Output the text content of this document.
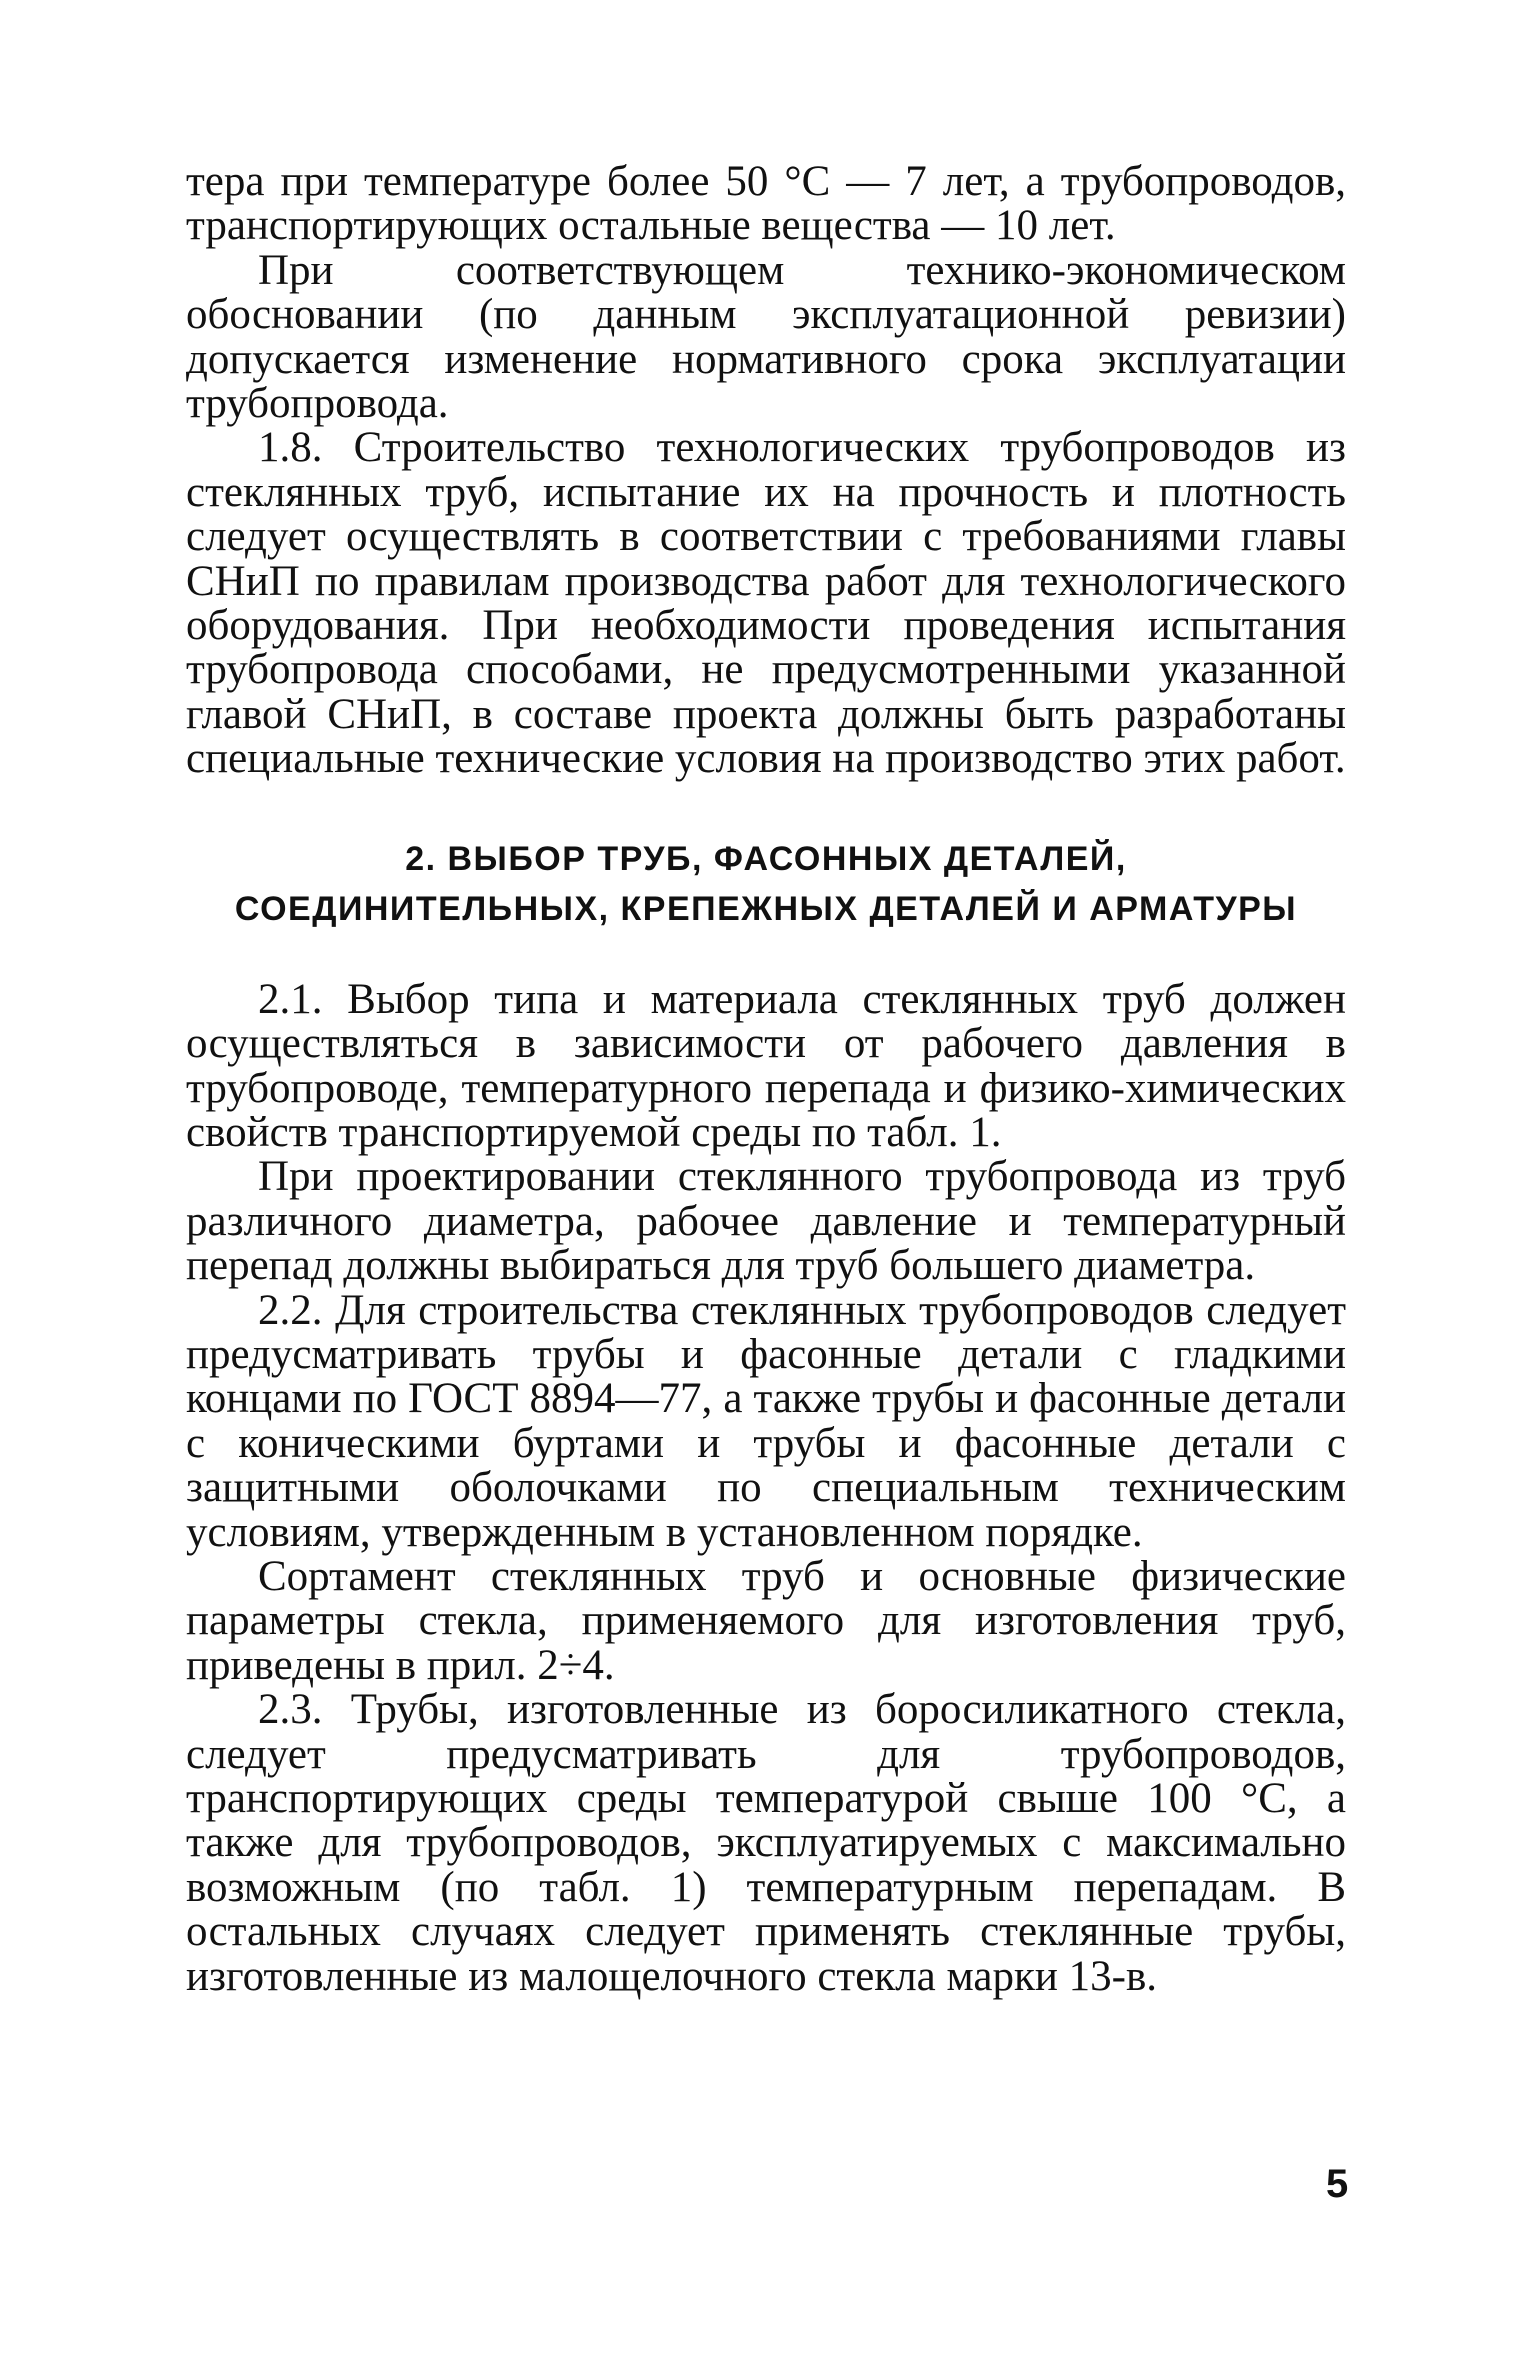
тера при температуре более 50 °С — 7 лет, а трубопроводов, транспортирующих остальные вещества — 10 лет.

При соответствующем технико-экономическом обосновании (по данным эксплуатационной ревизии) допускается изменение нормативного срока эксплуатации трубопровода.

1.8. Строительство технологических трубопроводов из стеклянных труб, испытание их на прочность и плотность следует осуществлять в соответствии с требованиями главы СНиП по правилам производства работ для технологического оборудования. При необходимости проведения испытания трубопровода способами, не предусмотренными указанной главой СНиП, в составе проекта должны быть разработаны специальные технические условия на производство этих работ.

2. ВЫБОР ТРУБ, ФАСОННЫХ ДЕТАЛЕЙ,
СОЕДИНИТЕЛЬНЫХ, КРЕПЕЖНЫХ ДЕТАЛЕЙ И АРМАТУРЫ

2.1. Выбор типа и материала стеклянных труб должен осуществляться в зависимости от рабочего давления в трубопроводе, температурного перепада и физико-химических свойств транспортируемой среды по табл. 1.

При проектировании стеклянного трубопровода из труб различного диаметра, рабочее давление и температурный перепад должны выбираться для труб большего диаметра.

2.2. Для строительства стеклянных трубопроводов следует предусматривать трубы и фасонные детали с гладкими концами по ГОСТ 8894—77, а также трубы и фасонные детали с коническими буртами и трубы и фасонные детали с защитными оболочками по специальным техническим условиям, утвержденным в установленном порядке.

Сортамент стеклянных труб и основные физические параметры стекла, применяемого для изготовления труб, приведены в прил. 2÷4.

2.3. Трубы, изготовленные из боросиликатного стекла, следует предусматривать для трубопроводов, транспортирующих среды температурой свыше 100 °С, а также для трубопроводов, эксплуатируемых с максимально возможным (по табл. 1) температурным перепадам. В остальных случаях следует применять стеклянные трубы, изготовленные из малощелочного стекла марки 13-в.

5
